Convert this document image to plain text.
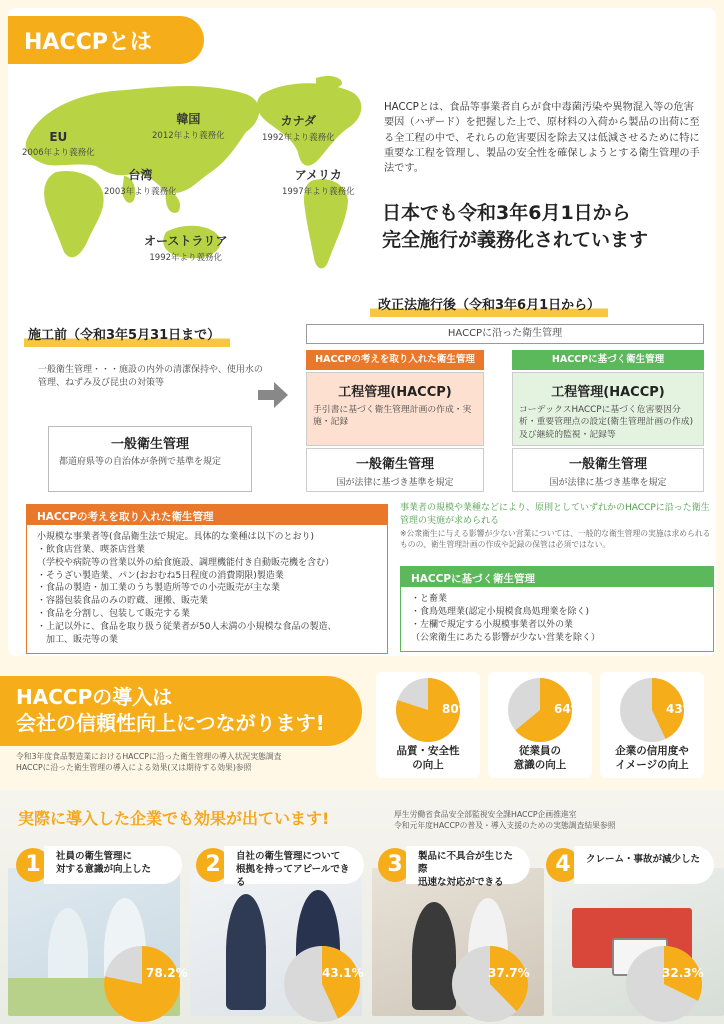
HACCPとは
EU
2006年より義務化
韓国
2012年より義務化
カナダ
1992年より義務化
台湾
2003年より義務化
アメリカ
1997年より義務化
オーストラリア
1992年より義務化
HACCPとは、食品等事業者自らが食中毒菌汚染や異物混入等の危害要因（ハザード）を把握した上で、原材料の入荷から製品の出荷に至る全工程の中で、それらの危害要因を除去又は低減させるために特に重要な工程を管理し、製品の安全性を確保しようとする衛生管理の手法です。
日本でも令和3年6月1日から
完全施行が義務化されています
改正法施行後（令和3年6月1日から）
施工前（令和3年5月31日まで）
一般衛生管理・・・施設の内外の清潔保持や、使用水の管理、ねずみ及び昆虫の対策等
一般衛生管理
都道府県等の自治体が条例で基準を規定
HACCPに沿った衛生管理
HACCPの考えを取り入れた衛生管理	HACCPに基づく衛生管理
工程管理(HACCP)
手引書に基づく衛生管理計画の作成・実施・記録
工程管理(HACCP)
コーデックスHACCPに基づく危害要因分析・重要管理点の設定(衛生管理計画の作成)及び継続的監視・記録等
一般衛生管理
国が法律に基づき基準を規定
一般衛生管理
国が法律に基づき基準を規定
HACCPの考えを取り入れた衛生管理
小規模な事業者等(食品衛生法で規定。具体的な業種は以下のとおり)
・飲食店営業、喫茶店営業
（学校や病院等の営業以外の給食施設、調理機能付き自動販売機を含む）
・そうざい製造業、パン(おおむね5日程度の消費期限)製造業
・食品の製造・加工業のうち製造所等での小売販売が主な業
・容器包装食品のみの貯蔵、運搬、販売業
・食品を分割し、包装して販売する業
・上記以外に、食品を取り扱う従業者が50人未満の小規模な食品の製造、
　加工、販売等の業
事業者の規模や業種などにより、原則としていずれかのHACCPに沿った衛生管理の実施が求められる
※公衆衛生に与える影響が少ない営業については、一般的な衛生管理の実施は求められるものの、衛生管理計画の作成や記録の保管は必須ではない。
HACCPに基づく衛生管理
・と畜業
・食鳥処理業(認定小規模食鳥処理業を除く)
・左欄で規定する小規模事業者以外の業
（公衆衛生にあたる影響が少ない営業を除く）
HACCPの導入は
会社の信頼性向上につながります!
令和3年度食品製造業におけるHACCPに沿った衛生管理の導入状況実態調査
HACCPに沿った衛生管理の導入による効果(又は期待する効果)参照
80%
品質・安全性
の向上
64%
従業員の
意識の向上
43%
企業の信用度や
イメージの向上
実際に導入した企業でも効果が出ています!	厚生労働省食品安全部監視安全課HACCP企画推進室
令和元年度HACCPの普及・導入支援のための実態調査結果参照
1	社員の衛生管理に
対する意識が向上した	2	自社の衛生管理について
根拠を持ってアピールできる
3	製品に不具合が生じた際
迅速な対応ができる
4	クレーム・事故が減少した
78.2%	43.1%	37.7%	32.3%
